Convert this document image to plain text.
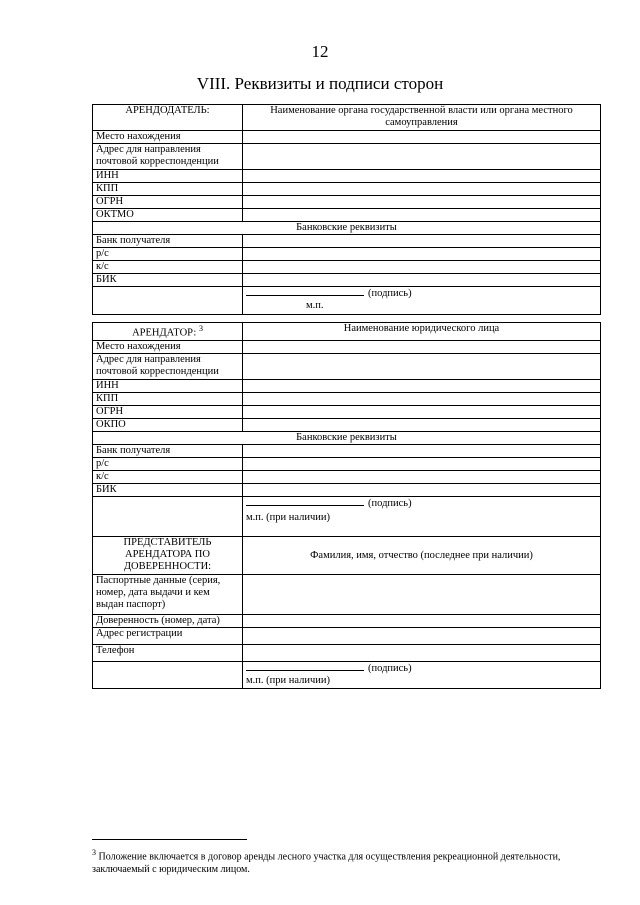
12
VIII. Реквизиты и подписи сторон
АРЕНДОДАТЕЛЬ:	Наименование органа государственной власти или органа местного самоуправления
Место нахождения	
Адрес для направления почтовой корреспонденции	
ИНН	
КПП	
ОГРН	
ОКТМО	
Банковские реквизиты	
Банк получателя	
р/с	
к/с	
БИК	
	(подпись)
м.п.
АРЕНДАТОР: $^3$	Наименование юридического лица
Место нахождения	
Адрес для направления почтовой корреспонденции	
ИНН	
КПП	
ОГРН	
ОКПО	
Банковские реквизиты	
Банк получателя	
р/с	
к/с	
БИК	
	(подпись)
м.п. (при наличии)

ПРЕДСТАВИТЕЛЬ АРЕНДАТОРА ПО ДОВЕРЕННОСТИ:	Фамилия, имя, отчество (последнее при наличии)
Паспортные данные (серия, номер, дата выдачи и кем выдан паспорт)	
Доверенность (номер, дата)	
Адрес регистрации	
Телефон	
	(подпись)
м.п. (при наличии)
$^3$ Положение включается в договор аренды лесного участка для осуществления рекреационной деятельности, заключаемый с юридическим лицом.
